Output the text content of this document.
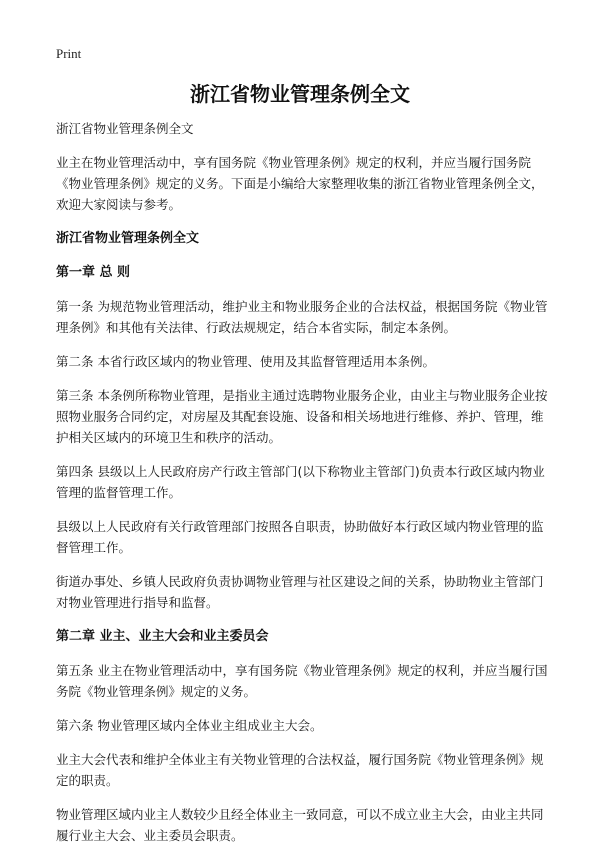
Print
浙江省物业管理条例全文

浙江省物业管理条例全文

业主在物业管理活动中，享有国务院《物业管理条例》规定的权利，并应当履行国务院《物业管理条例》规定的义务。下面是小编给大家整理收集的浙江省物业管理条例全文，欢迎大家阅读与参考。

浙江省物业管理条例全文
第一章 总 则

第一条 为规范物业管理活动，维护业主和物业服务企业的合法权益，根据国务院《物业管理条例》和其他有关法律、行政法规规定，结合本省实际，制定本条例。

第二条 本省行政区域内的物业管理、使用及其监督管理适用本条例。

第三条 本条例所称物业管理，是指业主通过选聘物业服务企业，由业主与物业服务企业按照物业服务合同约定，对房屋及其配套设施、设备和相关场地进行维修、养护、管理，维护相关区域内的环境卫生和秩序的活动。

第四条 县级以上人民政府房产行政主管部门(以下称物业主管部门)负责本行政区域内物业管理的监督管理工作。

县级以上人民政府有关行政管理部门按照各自职责，协助做好本行政区域内物业管理的监督管理工作。

街道办事处、乡镇人民政府负责协调物业管理与社区建设之间的关系，协助物业主管部门对物业管理进行指导和监督。

第二章 业主、业主大会和业主委员会

第五条 业主在物业管理活动中，享有国务院《物业管理条例》规定的权利，并应当履行国务院《物业管理条例》规定的义务。

第六条 物业管理区域内全体业主组成业主大会。

业主大会代表和维护全体业主有关物业管理的合法权益，履行国务院《物业管理条例》规定的职责。

物业管理区域内业主人数较少且经全体业主一致同意，可以不成立业主大会，由业主共同履行业主大会、业主委员会职责。
